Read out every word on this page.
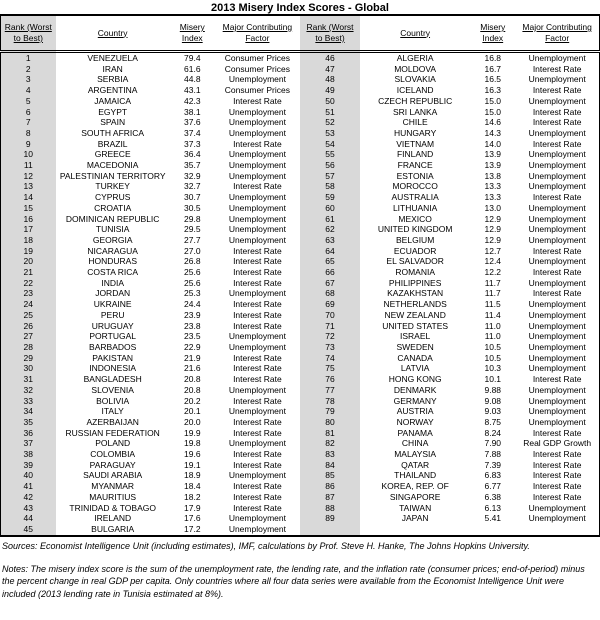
2013 Misery Index Scores - Global
Rank (Worst to Best)	Country	Misery Index	Major Contributing Factor	Rank (Worst to Best)	Country	Misery Index	Major Contributing Factor
1	VENEZUELA	79.4	Consumer Prices	46	ALGERIA	16.8	Unemployment
2	IRAN	61.6	Consumer Prices	47	MOLDOVA	16.7	Interest Rate
3	SERBIA	44.8	Unemployment	48	SLOVAKIA	16.5	Unemployment
4	ARGENTINA	43.1	Consumer Prices	49	ICELAND	16.3	Interest Rate
5	JAMAICA	42.3	Interest Rate	50	CZECH REPUBLIC	15.0	Unemployment
6	EGYPT	38.1	Unemployment	51	SRI LANKA	15.0	Interest Rate
7	SPAIN	37.6	Unemployment	52	CHILE	14.6	Interest Rate
8	SOUTH AFRICA	37.4	Unemployment	53	HUNGARY	14.3	Unemployment
9	BRAZIL	37.3	Interest Rate	54	VIETNAM	14.0	Interest Rate
10	GREECE	36.4	Unemployment	55	FINLAND	13.9	Unemployment
11	MACEDONIA	35.7	Unemployment	56	FRANCE	13.9	Unemployment
12	PALESTINIAN TERRITORY	32.9	Unemployment	57	ESTONIA	13.8	Unemployment
13	TURKEY	32.7	Interest Rate	58	MOROCCO	13.3	Unemployment
14	CYPRUS	30.7	Unemployment	59	AUSTRALIA	13.3	Interest Rate
15	CROATIA	30.5	Unemployment	60	LITHUANIA	13.0	Unemployment
16	DOMINICAN REPUBLIC	29.8	Unemployment	61	MEXICO	12.9	Unemployment
17	TUNISIA	29.5	Unemployment	62	UNITED KINGDOM	12.9	Unemployment
18	GEORGIA	27.7	Unemployment	63	BELGIUM	12.9	Unemployment
19	NICARAGUA	27.0	Interest Rate	64	ECUADOR	12.7	Interest Rate
20	HONDURAS	26.8	Interest Rate	65	EL SALVADOR	12.4	Unemployment
21	COSTA RICA	25.6	Interest Rate	66	ROMANIA	12.2	Interest Rate
22	INDIA	25.6	Interest Rate	67	PHILIPPINES	11.7	Unemployment
23	JORDAN	25.3	Unemployment	68	KAZAKHSTAN	11.7	Interest Rate
24	UKRAINE	24.4	Interest Rate	69	NETHERLANDS	11.5	Unemployment
25	PERU	23.9	Interest Rate	70	NEW ZEALAND	11.4	Unemployment
26	URUGUAY	23.8	Interest Rate	71	UNITED STATES	11.0	Unemployment
27	PORTUGAL	23.5	Unemployment	72	ISRAEL	11.0	Unemployment
28	BARBADOS	22.9	Unemployment	73	SWEDEN	10.5	Unemployment
29	PAKISTAN	21.9	Interest Rate	74	CANADA	10.5	Unemployment
30	INDONESIA	21.6	Interest Rate	75	LATVIA	10.3	Unemployment
31	BANGLADESH	20.8	Interest Rate	76	HONG KONG	10.1	Interest Rate
32	SLOVENIA	20.8	Unemployment	77	DENMARK	9.88	Unemployment
33	BOLIVIA	20.2	Interest Rate	78	GERMANY	9.08	Unemployment
34	ITALY	20.1	Unemployment	79	AUSTRIA	9.03	Unemployment
35	AZERBAIJAN	20.0	Interest Rate	80	NORWAY	8.75	Unemployment
36	RUSSIAN FEDERATION	19.9	Interest Rate	81	PANAMA	8.24	Interest Rate
37	POLAND	19.8	Unemployment	82	CHINA	7.90	Real GDP Growth
38	COLOMBIA	19.6	Interest Rate	83	MALAYSIA	7.88	Interest Rate
39	PARAGUAY	19.1	Interest Rate	84	QATAR	7.39	Interest Rate
40	SAUDI ARABIA	18.9	Unemployment	85	THAILAND	6.83	Interest Rate
41	MYANMAR	18.4	Interest Rate	86	KOREA, REP. OF	6.77	Interest Rate
42	MAURITIUS	18.2	Interest Rate	87	SINGAPORE	6.38	Interest Rate
43	TRINIDAD & TOBAGO	17.9	Interest Rate	88	TAIWAN	6.13	Unemployment
44	IRELAND	17.6	Unemployment	89	JAPAN	5.41	Unemployment
45	BULGARIA	17.2	Unemployment				
Sources: Economist Intelligence Unit (including estimates), IMF, calculations by Prof. Steve H. Hanke, The Johns Hopkins University.
Notes: The misery index score is the sum of the unemployment rate, the lending rate, and the inflation rate (consumer prices; end-of-period) minus the percent change in real GDP per capita. Only countries where all four data series were available from the Economist Intelligence Unit were included (2013 lending rate in Tunisia estimated at 8%).
